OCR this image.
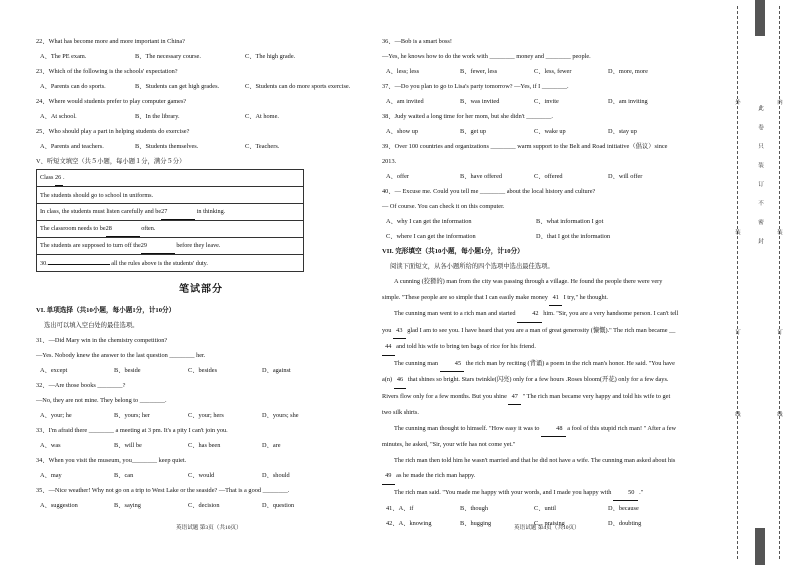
22、What has become more and more important in China?
A、The PE exam.	B、The necessary course.	C、The high grade.
23、Which of the following is the schools' expectation?
A、Parents can do sports.	B、Students can get high grades.	C、Students can do more sports exercise.
24、Where would students prefer to play computer games?
A、At school.	B、In the library.	C、At home.
25、Who should play a part in helping students do exercise?
A、Parents and teachers.	B、Students themselves.	C、Teachers.
V、听短文填空（共５小题，每小题１分，满分５分）
Class 26 .
The students should go to school in uniforms.
In class, the students must listen carefully and be27	in thinking.
The classroom needs to be28	often.
The students are supposed to turn off the29	before they leave.
30.	all the rules above is the students' duty.
笔试部分
VI. 单项选择（共10小题，每小题1分，计10分）
选出可以填入空白处的最佳选项。
31、—Did Mary win in the chemistry competition?
—Yes. Nobody knew the answer to the last question ________ her.
A、except	B、beside	C、besides	D、against
32、—Are those books ________?
—No, they are not mine. They belong to ________.
A、your; he	B、yours; her	C、your; hers	D、yours; she
33、I'm afraid there ________ a meeting at 3 pm. It's a pity I can't join you.
A、was	B、will be	C、has been	D、are
34、When you visit the museum, you________ keep quiet.
A、may	B、can	C、would	D、should
35、—Nice weather! Why not go on a trip to West Lake or the seaside? —That is a good ________.
A、suggestion	B、saying	C、decision	D、question
英语试题 第3页（共10页）
36、—Bob is a smart boss!
—Yes, he knows how to do the work with ________ money and ________ people.
A、less; less	B、fewer, less	C、less, fewer	D、more, more
37、—Do you plan to go to Lisa's party tomorrow? —Yes, if I ________.
A、am invited	B、was invited	C、invite	D、am inviting
38、Judy waited a long time for her mom, but she didn't ________.
A、show up	B、get up	C、wake up	D、stay up
39、Over 100 countries and organizations ________ warm support to the Belt and Road initiative（倡议）since
2013.
A、offer	B、have offered	C、offered	D、will offer
40、— Excuse me. Could you tell me ________ about the local history and culture?
— Of course. You can check it on this computer.
A、why I can get the information	B、what information I got
C、where I can get the information	D、that I got the information
VII. 完形填空（共10小题，每小题1分，计10分）
阅读下面短文，从各小题所给的四个选项中选出最佳选项。
A cunning (狡猾的) man from the city was passing through a village. He found the people there were very
simple. "These people are so simple that I can easily make money   41   I try," he thought.
The cunning man went to a rich man and started   42   him. "Sir, you are a very handsome person. I can't tell
you   43   glad I am to see you. I have heard that you are a man of great generosity (慷慨)." The rich man became __
44   and told his wife to bring ten bags of rice for his friend.
The cunning man   45   the rich man by reciting (背诵) a poem in the rich man's honor. He said. "You have
a(n)   46   that shines so bright. Stars twinkle(闪亮) only for a few hours .Roses bloom(开花) only for a few days.
Rivers flow only for a few months. But you shine   47   " The rich man became very happy and told his wife to get
two silk shirts.
The cunning man thought to himself. "How easy it was to   48   a fool of this stupid rich man! " After a few
minutes, he asked, "Sir, your wife has not come yet."
The rich man then told him he wasn't married and that he did not have a wife. The cunning man asked about his
49   as he made the rich man happy.
The rich man said. "You made me happy with your words, and I made you happy with   50   ."
41、A、if	B、though	C、until	D、because
42、A、knowing	B、hugging	C、praising	D、doubting
英语试题 第4页（共10页）
外
装
订
线
内
装
订
线
此
卷
只
装
订
不
密
封
